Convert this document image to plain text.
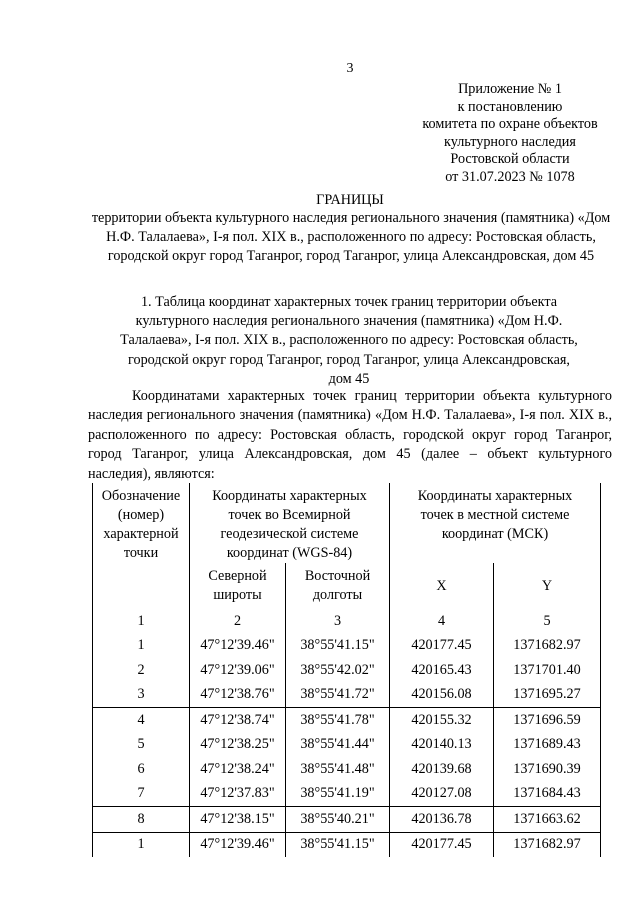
3
Приложение № 1
к постановлению
комитета по охране объектов
культурного наследия
Ростовской области
от 31.07.2023 № 1078
ГРАНИЦЫ
территории объекта культурного наследия регионального значения (памятника) «Дом Н.Ф. Талалаева», I-я пол. XIX в., расположенного по адресу: Ростовская область, городской округ город Таганрог, город Таганрог, улица Александровская, дом 45
1. Таблица координат характерных точек границ территории объекта культурного наследия регионального значения (памятника) «Дом Н.Ф. Талалаева», I-я пол. XIX в., расположенного по адресу: Ростовская область, городской округ город Таганрог, город Таганрог, улица Александровская, дом 45
Координатами характерных точек границ территории объекта культурного наследия регионального значения (памятника) «Дом Н.Ф. Талалаева», I-я пол. XIX в., расположенного по адресу: Ростовская область, городской округ город Таганрог, город Таганрог, улица Александровская, дом 45 (далее – объект культурного наследия), являются:
Обозначение (номер) характерной точки	Координаты характерных точек во Всемирной геодезической системе координат (WGS-84)		Координаты характерных точек в местной системе координат (МСК)	
	Северной широты	Восточной долготы	X	Y
1	2	3	4	5
1	47°12'39.46"	38°55'41.15"	420177.45	1371682.97
2	47°12'39.06"	38°55'42.02"	420165.43	1371701.40
3	47°12'38.76"	38°55'41.72"	420156.08	1371695.27
4	47°12'38.74"	38°55'41.78"	420155.32	1371696.59
5	47°12'38.25"	38°55'41.44"	420140.13	1371689.43
6	47°12'38.24"	38°55'41.48"	420139.68	1371690.39
7	47°12'37.83"	38°55'41.19"	420127.08	1371684.43
8	47°12'38.15"	38°55'40.21"	420136.78	1371663.62
1	47°12'39.46"	38°55'41.15"	420177.45	1371682.97
